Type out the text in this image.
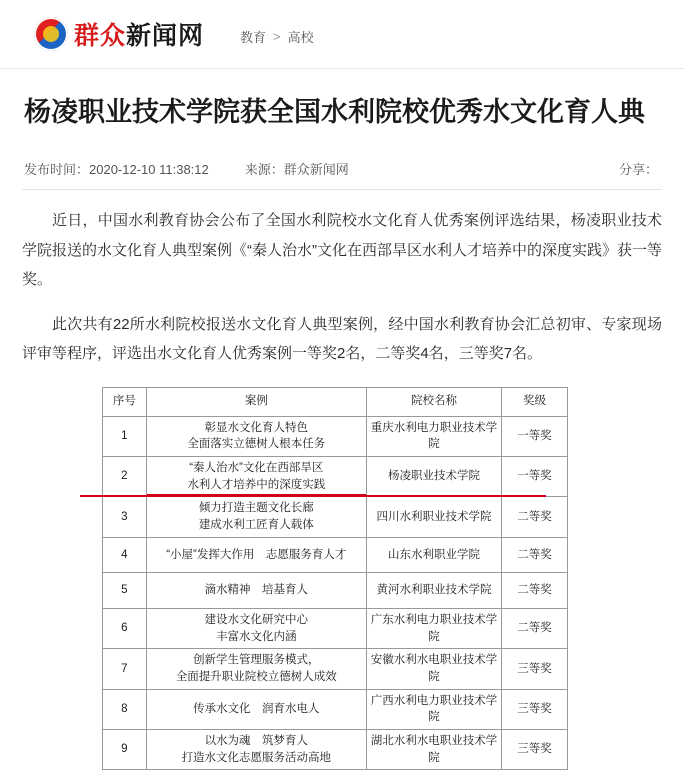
群众新闻网	教育 > 高校
杨凌职业技术学院获全国水利院校优秀水文化育人典
发布时间：2020-12-10 11:38:12	来源：群众新闻网	分享：

近日，中国水利教育协会公布了全国水利院校水文化育人优秀案例评选结果，杨凌职业技术学院报送的水文化育人典型案例《“秦人治水”文化在西部旱区水利人才培养中的深度实践》获一等奖。

此次共有22所水利院校报送水文化育人典型案例，经中国水利教育协会汇总初审、专家现场评审等程序，评选出水文化育人优秀案例一等奖2名，二等奖4名，三等奖7名。

序号	案例	院校名称	奖级
1	彰显水文化育人特色
全面落实立德树人根本任务	重庆水利电力职业技术学院	一等奖
2	“秦人治水”文化在西部旱区
水利人才培养中的深度实践	杨凌职业技术学院	一等奖
3	倾力打造主题文化长廊
建成水利工匠育人载体	四川水利职业技术学院	二等奖
4	“小屋”发挥大作用　志愿服务育人才	山东水利职业学院	二等奖
5	滴水精神　培基育人	黄河水利职业技术学院	二等奖
6	建设水文化研究中心
丰富水文化内涵	广东水利电力职业技术学院	二等奖
7	创新学生管理服务模式，
全面提升职业院校立德树人成效	安徽水利水电职业技术学院	三等奖
8	传承水文化　润育水电人	广西水利电力职业技术学院	三等奖
9	以水为魂　筑梦育人
打造水文化志愿服务活动高地	湖北水利水电职业技术学院	三等奖
